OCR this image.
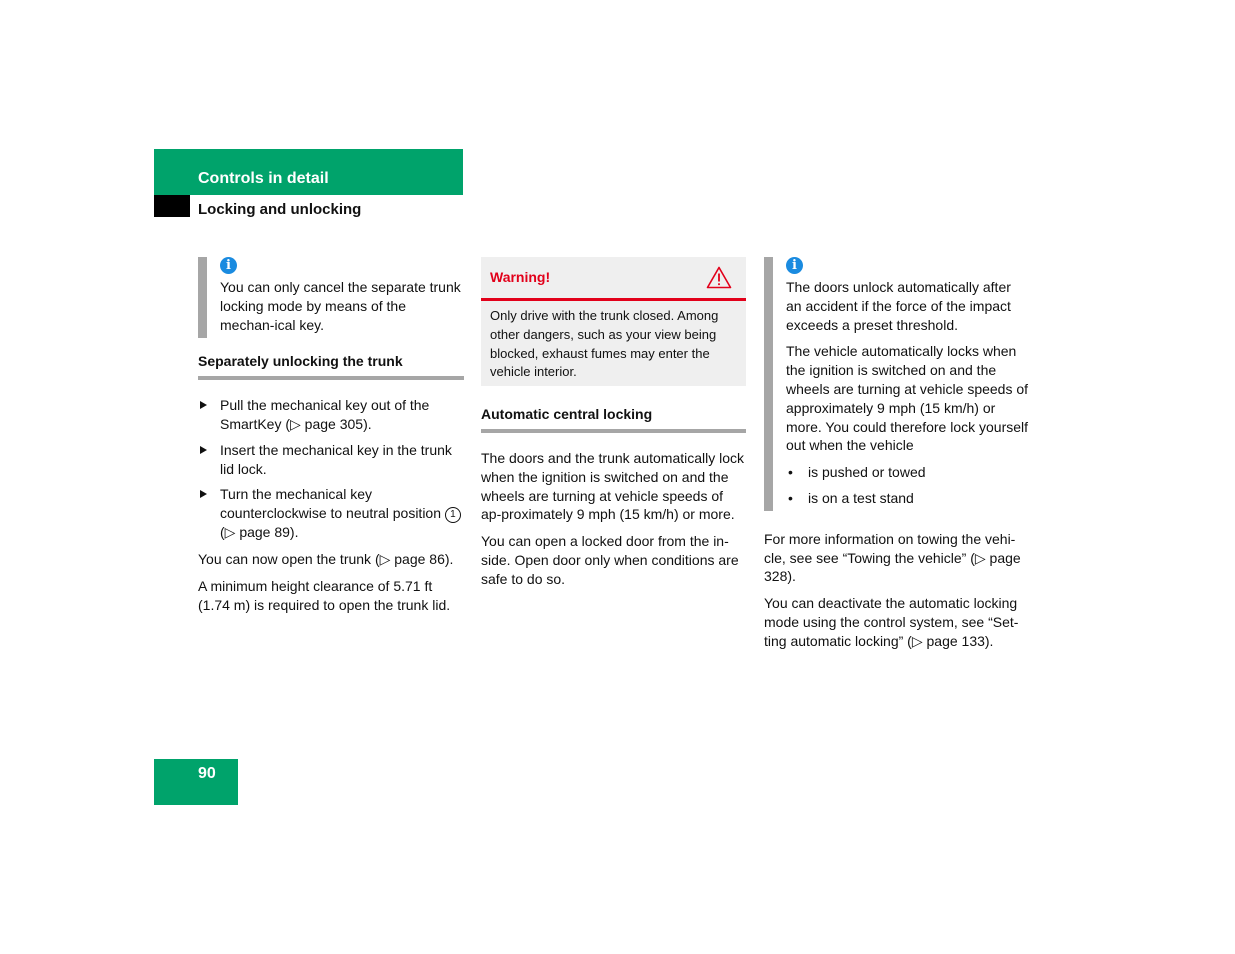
Controls in detail
Locking and unlocking
i

You can only cancel the separate trunk locking mode by means of the mechan-ical key.

Separately unlocking the trunk
Pull the mechanical key out of the SmartKey (▷ page 305).
Insert the mechanical key in the trunk lid lock.
Turn the mechanical key counterclockwise to neutral position 1 (▷ page 89).

You can now open the trunk (▷ page 86).

A minimum height clearance of 5.71 ft (1.74 m) is required to open the trunk lid.

Warning!

Only drive with the trunk closed. Among other dangers, such as your view being blocked, exhaust fumes may enter the vehicle interior.

Automatic central locking

The doors and the trunk automatically lock when the ignition is switched on and the wheels are turning at vehicle speeds of ap-proximately 9 mph (15 km/h) or more.

You can open a locked door from the in-side. Open door only when conditions are safe to do so.

i

The doors unlock automatically after an accident if the force of the impact exceeds a preset threshold.

The vehicle automatically locks when the ignition is switched on and the wheels are turning at vehicle speeds of approximately 9 mph (15 km/h) or more. You could therefore lock yourself out when the vehicle

• is pushed or towed
• is on a test stand

For more information on towing the vehi-cle, see see “Towing the vehicle” (▷ page 328).

You can deactivate the automatic locking mode using the control system, see “Set-ting automatic locking” (▷ page 133).

90
